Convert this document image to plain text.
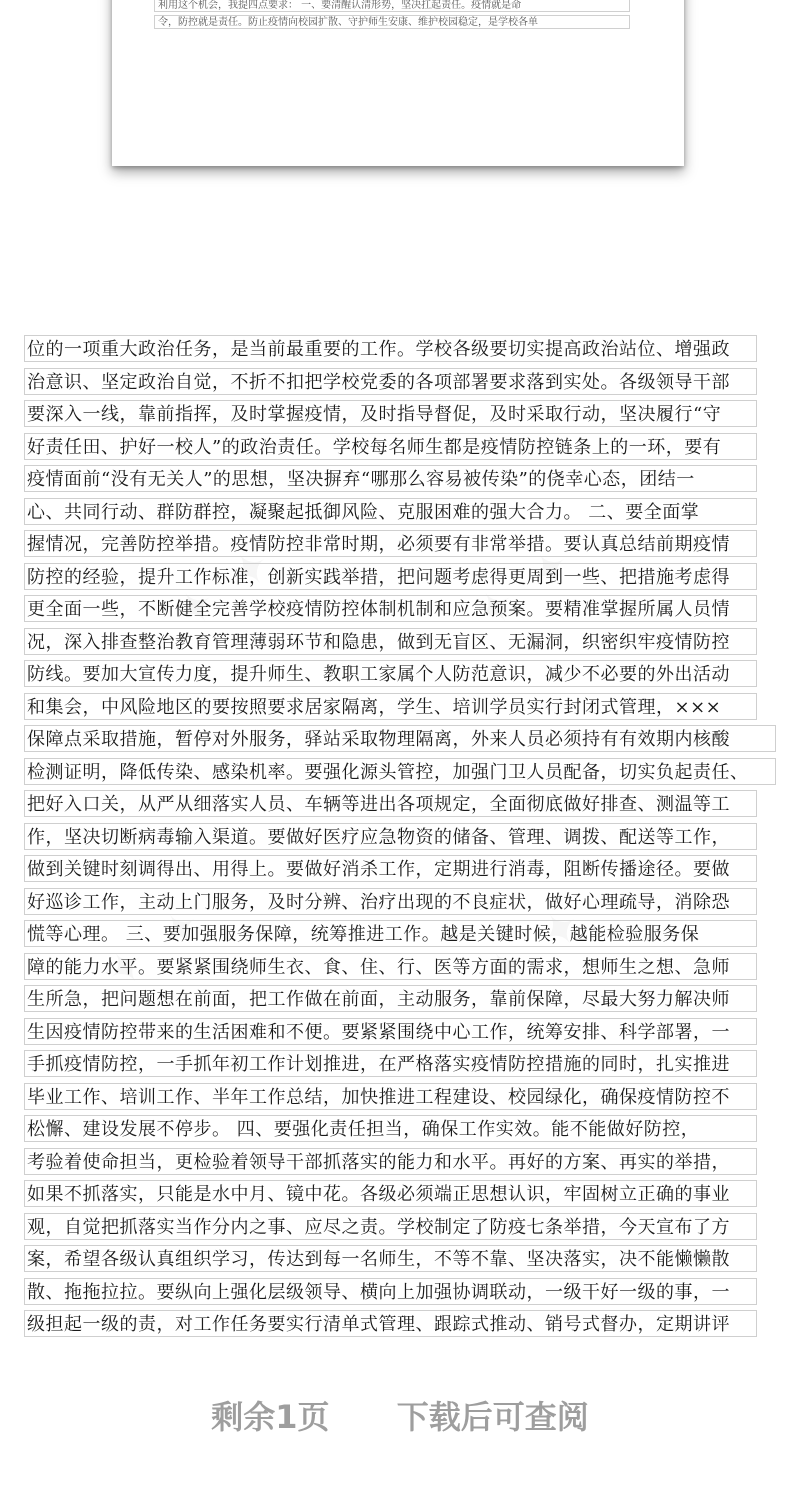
利用这个机会，我提四点要求： 一、要清醒认清形势，坚决扛起责任。疫情就是命
令，防控就是责任。防止疫情向校园扩散、守护师生安康、维护校园稳定，是学校各单
✦ ✦	✦ ✦
✦ ✦	✦ ✦
位的一项重大政治任务，是当前最重要的工作。学校各级要切实提高政治站位、增强政
治意识、坚定政治自觉，不折不扣把学校党委的各项部署要求落到实处。各级领导干部
要深入一线，靠前指挥，及时掌握疫情，及时指导督促，及时采取行动，坚决履行“守
好责任田、护好一校人”的政治责任。学校每名师生都是疫情防控链条上的一环，要有
疫情面前“没有无关人”的思想，坚决摒弃“哪那么容易被传染”的侥幸心态，团结一
心、共同行动、群防群控，凝聚起抵御风险、克服困难的强大合力。 二、要全面掌
握情况，完善防控举措。疫情防控非常时期，必须要有非常举措。要认真总结前期疫情
防控的经验，提升工作标准，创新实践举措，把问题考虑得更周到一些、把措施考虑得
更全面一些，不断健全完善学校疫情防控体制机制和应急预案。要精准掌握所属人员情
况，深入排查整治教育管理薄弱环节和隐患，做到无盲区、无漏洞，织密织牢疫情防控
防线。要加大宣传力度，提升师生、教职工家属个人防范意识，减少不必要的外出活动
和集会，中风险地区的要按照要求居家隔离，学生、培训学员实行封闭式管理，×××
保障点采取措施，暂停对外服务，驿站采取物理隔离，外来人员必须持有有效期内核酸
检测证明，降低传染、感染机率。要强化源头管控，加强门卫人员配备，切实负起责任、
把好入口关，从严从细落实人员、车辆等进出各项规定，全面彻底做好排查、测温等工
作，坚决切断病毒输入渠道。要做好医疗应急物资的储备、管理、调拨、配送等工作，
做到关键时刻调得出、用得上。要做好消杀工作，定期进行消毒，阻断传播途径。要做
好巡诊工作，主动上门服务，及时分辨、治疗出现的不良症状，做好心理疏导，消除恐
慌等心理。 三、要加强服务保障，统筹推进工作。越是关键时候，越能检验服务保
障的能力水平。要紧紧围绕师生衣、食、住、行、医等方面的需求，想师生之想、急师
生所急，把问题想在前面，把工作做在前面，主动服务，靠前保障，尽最大努力解决师
生因疫情防控带来的生活困难和不便。要紧紧围绕中心工作，统筹安排、科学部署，一
手抓疫情防控，一手抓年初工作计划推进，在严格落实疫情防控措施的同时，扎实推进
毕业工作、培训工作、半年工作总结，加快推进工程建设、校园绿化，确保疫情防控不
松懈、建设发展不停步。 四、要强化责任担当，确保工作实效。能不能做好防控，
考验着使命担当，更检验着领导干部抓落实的能力和水平。再好的方案、再实的举措，
如果不抓落实，只能是水中月、镜中花。各级必须端正思想认识，牢固树立正确的事业
观，自觉把抓落实当作分内之事、应尽之责。学校制定了防疫七条举措，今天宣布了方
案，希望各级认真组织学习，传达到每一名师生，不等不靠、坚决落实，决不能懒懒散
散、拖拖拉拉。要纵向上强化层级领导、横向上加强协调联动，一级干好一级的事，一
级担起一级的责，对工作任务要实行清单式管理、跟踪式推动、销号式督办，定期讲评
剩余1页 下载后可查阅
